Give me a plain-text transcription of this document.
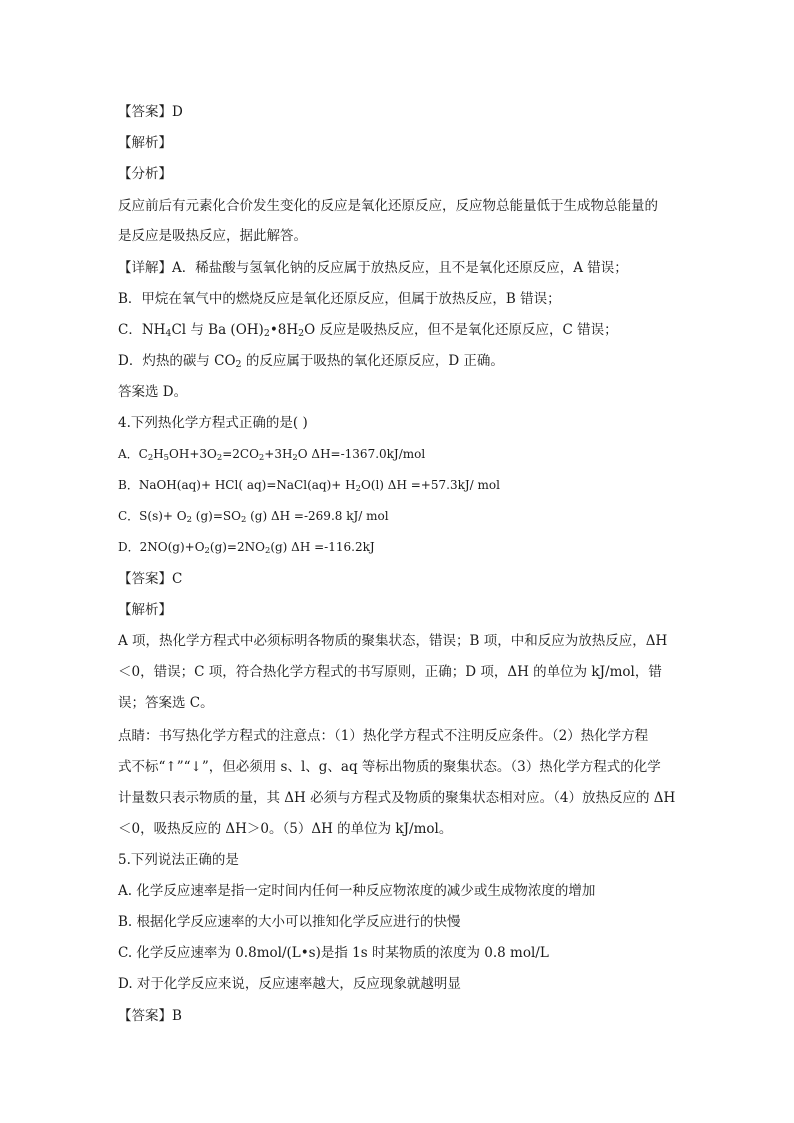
【答案】D
【解析】
【分析】
反应前后有元素化合价发生变化的反应是氧化还原反应，反应物总能量低于生成物总能量的
是反应是吸热反应，据此解答。
【详解】A．稀盐酸与氢氧化钠的反应属于放热反应，且不是氧化还原反应，A 错误；
B．甲烷在氧气中的燃烧反应是氧化还原反应，但属于放热反应，B 错误；
C．$NH_4Cl$ 与 Ba $(OH)_2•8H_2O$ 反应是吸热反应，但不是氧化还原反应，C 错误；
D．灼热的碳与 $CO_2$ 的反应属于吸热的氧化还原反应，D 正确。
答案选 D。
4.下列热化学方程式正确的是( )
A．$C_2H_5OH+3O_2=2CO_2+3H_2O$ ΔH=-1367.0kJ/mol
B．NaOH(aq)+ HCl( aq)=NaCl(aq)+ $H_2O(l)$ ΔH =+57.3kJ/ mol
C．$S(s)+ O_2$ $(g)=SO_2$ (g) ΔH =-269.8 kJ/ mol
D．$2NO(g)+O_2(g)=2NO_2(g)$ ΔH =-116.2kJ
【答案】C
【解析】
A 项，热化学方程式中必须标明各物质的聚集状态，错误；B 项，中和反应为放热反应，ΔH
＜0，错误；C 项，符合热化学方程式的书写原则，正确；D 项，ΔH 的单位为 kJ/mol，错
误；答案选 C。
点睛：书写热化学方程式的注意点：（1）热化学方程式不注明反应条件。（2）热化学方程
式不标“↑”“↓”，但必须用 s、l、g、aq 等标出物质的聚集状态。（3）热化学方程式的化学
计量数只表示物质的量，其 ΔH 必须与方程式及物质的聚集状态相对应。（4）放热反应的 ΔH
＜0，吸热反应的 ΔH＞0。（5）ΔH 的单位为 kJ/mol。
5.下列说法正确的是
A. 化学反应速率是指一定时间内任何一种反应物浓度的减少或生成物浓度的增加
B. 根据化学反应速率的大小可以推知化学反应进行的快慢
C. 化学反应速率为 0.8mol/(L•s)是指 1s 时某物质的浓度为 0.8 mol/L
D. 对于化学反应来说，反应速率越大，反应现象就越明显
【答案】B
